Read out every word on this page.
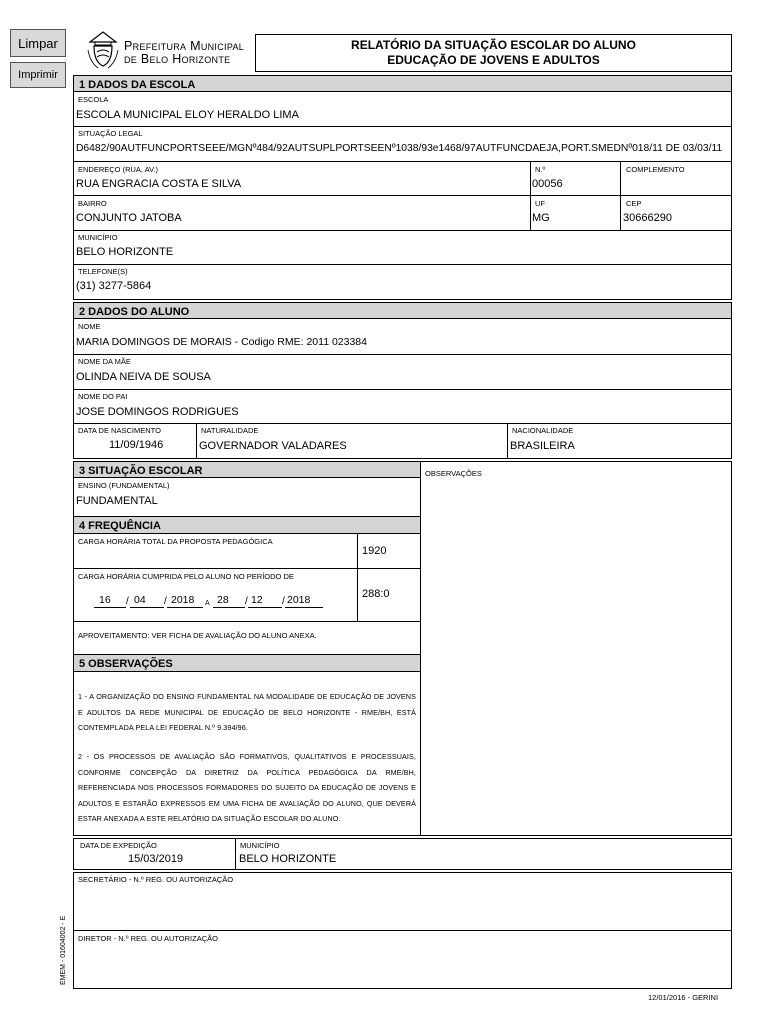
Limpar
Imprimir
Prefeitura Municipal
de Belo Horizonte
RELATÓRIO DA SITUAÇÃO ESCOLAR DO ALUNO
EDUCAÇÃO DE JOVENS E ADULTOS
1 DADOS DA ESCOLA
ESCOLA
ESCOLA MUNICIPAL ELOY HERALDO LIMA
SITUAÇÃO LEGAL
D6482/90AUTFUNCPORTSEEE/MGNº484/92AUTSUPLPORTSEENº1038/93e1468/97AUTFUNCDAEJA,PORT.SMEDNº018/11 DE 03/03/11
ENDEREÇO (RUA, AV.)
RUA ENGRACIA COSTA E SILVA
N.º
00056
COMPLEMENTO
BAIRRO
CONJUNTO JATOBA
UF
MG
CEP
30666290
MUNICÍPIO
BELO HORIZONTE
TELEFONE(S)
(31) 3277-5864
2 DADOS DO ALUNO
NOME
MARIA DOMINGOS DE MORAIS - Codigo RME: 2011 023384
NOME DA MÃE
OLINDA NEIVA DE SOUSA
NOME DO PAI
JOSE DOMINGOS RODRIGUES
DATA DE NASCIMENTO
11/09/1946
NATURALIDADE
GOVERNADOR VALADARES
NACIONALIDADE
BRASILEIRA
OBSERVAÇÕES
3 SITUAÇÃO ESCOLAR
ENSINO (FUNDAMENTAL)
FUNDAMENTAL
4 FREQUÊNCIA
CARGA HORÁRIA TOTAL DA PROPOSTA PEDAGÓGICA
1920
CARGA HORÁRIA CUMPRIDA PELO ALUNO NO PERÍODO DE
16 / 04 / 2018 A 28 / 12 / 2018	288:0
APROVEITAMENTO: VER FICHA DE AVALIAÇÃO DO ALUNO ANEXA.
5 OBSERVAÇÕES
1 - A ORGANIZAÇÃO DO ENSINO FUNDAMENTAL NA MODALIDADE DE EDUCAÇÃO DE JOVENS E ADULTOS DA REDE MUNICIPAL DE EDUCAÇÃO DE BELO HORIZONTE - RME/BH, ESTÁ CONTEMPLADA PELA LEI FEDERAL N.º 9.394/96.
2 - OS PROCESSOS DE AVALIAÇÃO SÃO FORMATIVOS, QUALITATIVOS E PROCESSUAIS, CONFORME CONCEPÇÃO DA DIRETRIZ DA POLÍTICA PEDAGÓGICA DA RME/BH, REFERENCIADA NOS PROCESSOS FORMADORES DO SUJEITO DA EDUCAÇÃO DE JOVENS E ADULTOS E ESTARÃO EXPRESSOS EM UMA FICHA DE AVALIAÇÃO DO ALUNO, QUE DEVERÁ ESTAR ANEXADA A ESTE RELATÓRIO DA SITUAÇÃO ESCOLAR DO ALUNO.
DATA DE EXPEDIÇÃO
15/03/2019
MUNICÍPIO
BELO HORIZONTE
SECRETÁRIO - N.º REG. OU AUTORIZAÇÃO
DIRETOR - N.º REG. OU AUTORIZAÇÃO
EMEM - 01604002 - E
12/01/2016 - GERINI
